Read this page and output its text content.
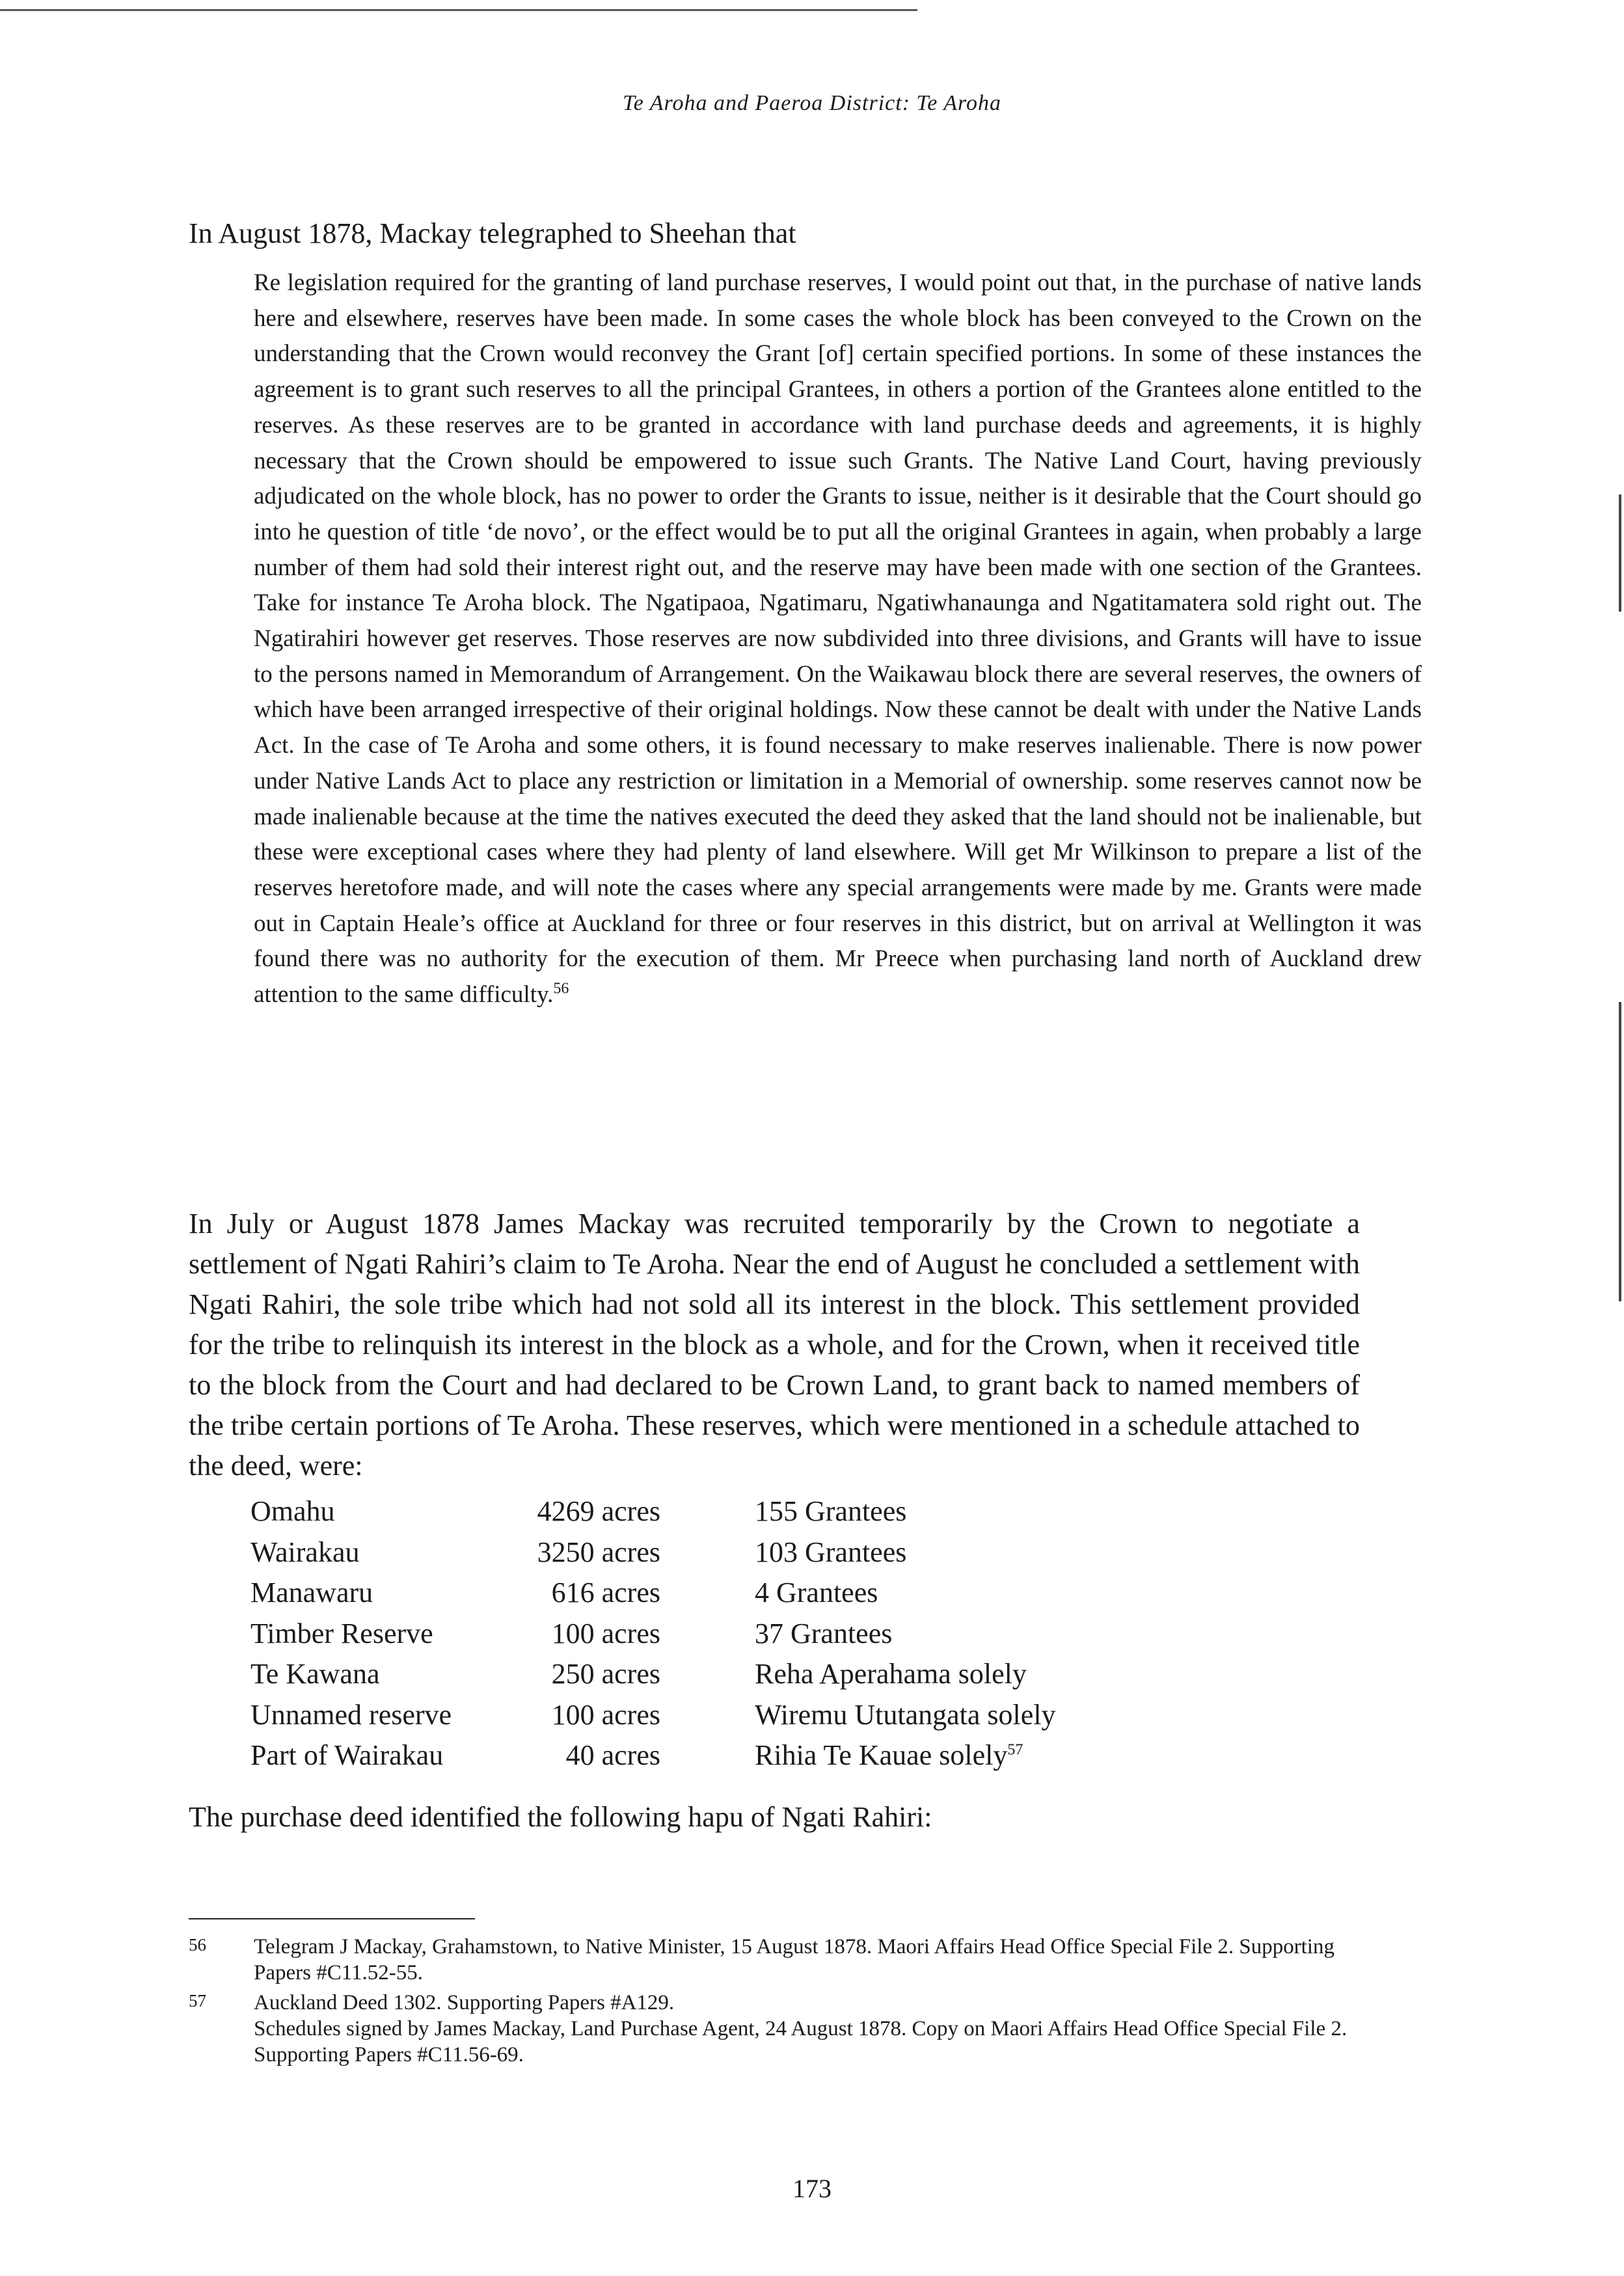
Te Aroha and Paeroa District: Te Aroha

In August 1878, Mackay telegraphed to Sheehan that

Re legislation required for the granting of land purchase reserves, I would point out that, in the purchase of native lands here and elsewhere, reserves have been made. In some cases the whole block has been conveyed to the Crown on the understanding that the Crown would reconvey the Grant [of] certain specified portions. In some of these instances the agreement is to grant such reserves to all the principal Grantees, in others a portion of the Grantees alone entitled to the reserves. As these reserves are to be granted in accordance with land purchase deeds and agreements, it is highly necessary that the Crown should be empowered to issue such Grants. The Native Land Court, having previously adjudicated on the whole block, has no power to order the Grants to issue, neither is it desirable that the Court should go into he question of title ‘de novo’, or the effect would be to put all the original Grantees in again, when probably a large number of them had sold their interest right out, and the reserve may have been made with one section of the Grantees. Take for instance Te Aroha block. The Ngatipaoa, Ngatimaru, Ngatiwhanaunga and Ngatitamatera sold right out. The Ngatirahiri however get reserves. Those reserves are now subdivided into three divisions, and Grants will have to issue to the persons named in Memorandum of Arrangement. On the Waikawau block there are several reserves, the owners of which have been arranged irrespective of their original holdings. Now these cannot be dealt with under the Native Lands Act. In the case of Te Aroha and some others, it is found necessary to make reserves inalienable. There is now power under Native Lands Act to place any restriction or limitation in a Memorial of ownership. some reserves cannot now be made inalienable because at the time the natives executed the deed they asked that the land should not be inalienable, but these were exceptional cases where they had plenty of land elsewhere. Will get Mr Wilkinson to prepare a list of the reserves heretofore made, and will note the cases where any special arrangements were made by me. Grants were made out in Captain Heale’s office at Auckland for three or four reserves in this district, but on arrival at Wellington it was found there was no authority for the execution of them. Mr Preece when purchasing land north of Auckland drew attention to the same difficulty.$^{56}$

In July or August 1878 James Mackay was recruited temporarily by the Crown to negotiate a settlement of Ngati Rahiri’s claim to Te Aroha. Near the end of August he concluded a settlement with Ngati Rahiri, the sole tribe which had not sold all its interest in the block. This settlement provided for the tribe to relinquish its interest in the block as a whole, and for the Crown, when it received title to the block from the Court and had declared to be Crown Land, to grant back to named members of the tribe certain portions of Te Aroha. These reserves, which were mentioned in a schedule attached to the deed, were:

Omahu	4269 acres	155 Grantees
Wairakau	3250 acres	103 Grantees
Manawaru	616 acres	4 Grantees
Timber Reserve	100 acres	37 Grantees
Te Kawana	250 acres	Reha Aperahama solely
Unnamed reserve	100 acres	Wiremu Ututangata solely
Part of Wairakau	40 acres	Rihia Te Kauae solely$^{57}$

The purchase deed identified the following hapu of Ngati Rahiri:

56	Telegram J Mackay, Grahamstown, to Native Minister, 15 August 1878. Maori Affairs Head Office Special File 2. Supporting Papers #C11.52-55.
57	Auckland Deed 1302. Supporting Papers #A129.
Schedules signed by James Mackay, Land Purchase Agent, 24 August 1878. Copy on Maori Affairs Head Office Special File 2. Supporting Papers #C11.56-69.
173
